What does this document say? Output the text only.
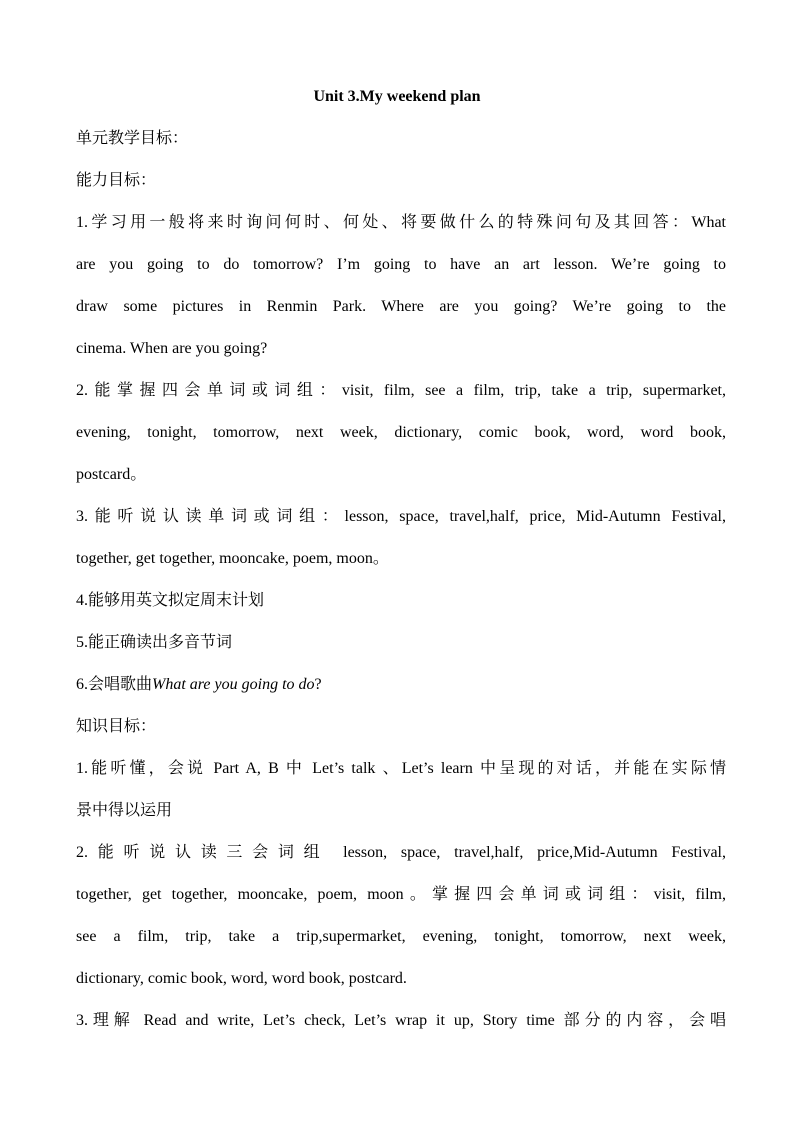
Unit 3.My weekend plan
单元教学目标：
能力目标：
1.学习用一般将来时询问何时、何处、将要做什么的特殊问句及其回答：What
are you going to do tomorrow? I’m going to have an art lesson. We’re going to
draw some pictures in Renmin Park. Where are you going? We’re going to the
cinema. When are you going?
2.能掌握四会单词或词组：visit, film, see a film, trip, take a trip, supermarket,
evening, tonight, tomorrow, next week, dictionary, comic book, word, word book,
postcard。
3.能听说认读单词或词组：lesson, space, travel,half, price, Mid-Autumn Festival,
together, get together, mooncake, poem, moon。
4.能够用英文拟定周末计划
5.能正确读出多音节词
6.会唱歌曲What are you going to do?
知识目标：
1.能听懂，会说 Part A, B 中 Let’s talk 、Let’s learn 中呈现的对话，并能在实际情
景中得以运用
2.能听说认读三会词组 lesson, space, travel,half, price,Mid-Autumn Festival,
together, get together, mooncake, poem, moon。掌握四会单词或词组：visit, film,
see a film, trip, take a trip,supermarket, evening, tonight, tomorrow, next week,
dictionary, comic book, word, word book, postcard.
3.理解 Read and write, Let’s check, Let’s wrap it up, Story time 部分的内容，会唱
